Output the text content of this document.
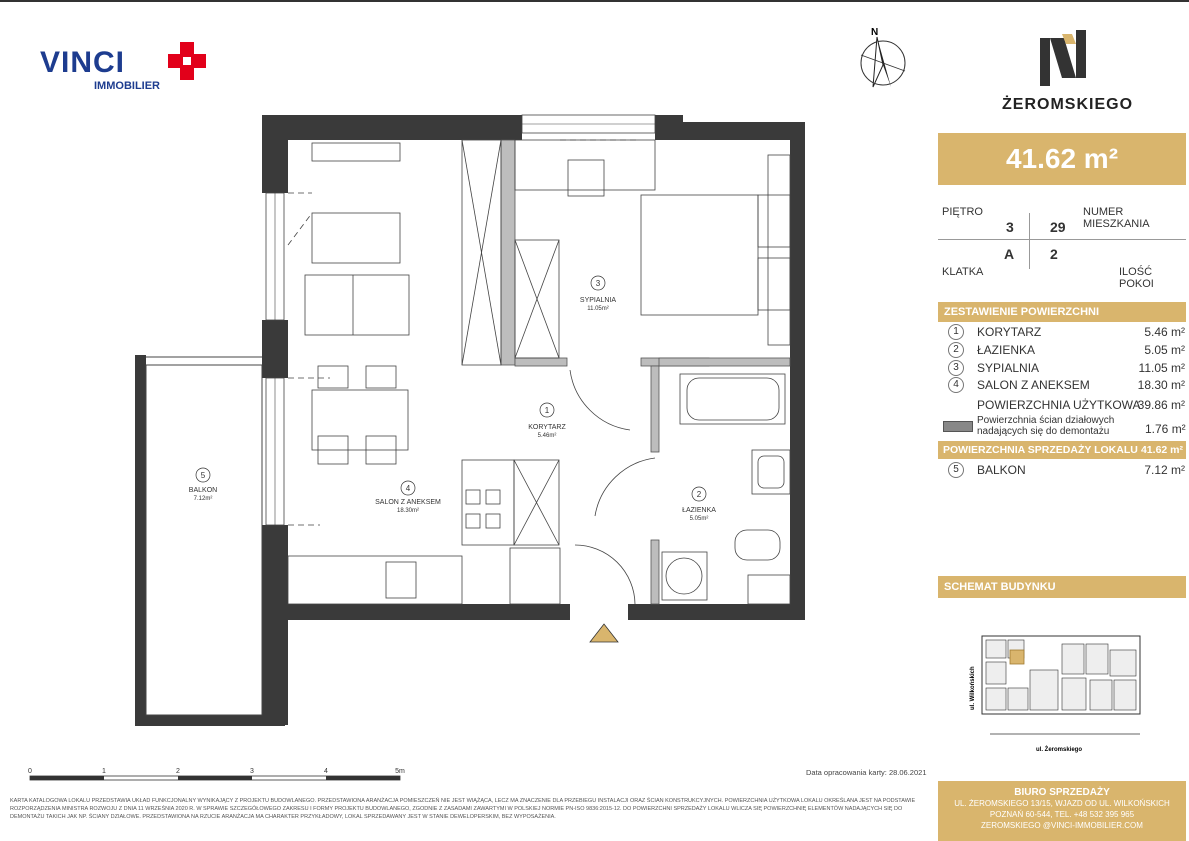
VINCI
IMMOBILIER
N
ŻEROMSKIEGO
41.62 m²
PIĘTRO	NUMER MIESZKANIA
3	29
A	2
KLATKA	ILOŚĆ POKOI
ZESTAWIENIE POWIERZCHNI
1	KORYTARZ	5.46 m²
2	ŁAZIENKA	5.05 m²
3	SYPIALNIA	11.05 m²
4	SALON Z ANEKSEM	18.30 m²
POWIERZCHNIA UŻYTKOWA
39.86 m²
Powierzchnia ścian działowych
nadających się do demontażu	1.76 m²
POWIERZCHNIA SPRZEDAŻY LOKALU 41.62 m²
5	BALKON	7.12 m²
SCHEMAT BUDYNKU
ul. Wilkońskich
ul. Żeromskiego
1
KORYTARZ
5.46m²
2
ŁAZIENKA
5.05m²
3
SYPIALNIA
11.05m²
4
SALON Z ANEKSEM
18.30m²
5
BALKON
7.12m²
0	1	2	3	4	5m	Data opracowania karty: 28.06.2021
KARTA KATALOGOWA LOKALU PRZEDSTAWIA UKŁAD FUNKCJONALNY WYNIKAJĄCY Z PROJEKTU BUDOWLANEGO. PRZEDSTAWIONA ARANŻACJA POMIESZCZEŃ NIE JEST WIĄŻĄCA, LECZ MA ZNACZENIE DLA PRZEBIEGU INSTALACJI ORAZ ŚCIAN KONSTRUKCYJNYCH. POWIERZCHNIA UŻYTKOWA LOKALU OKREŚLANA JEST NA PODSTAWIE
ROZPORZĄDZENIA MINISTRA ROZWOJU Z DNIA 11 WRZEŚNIA 2020 R. W SPRAWIE SZCZEGÓŁOWEGO ZAKRESU I FORMY PROJEKTU BUDOWLANEGO, ZGODNIE Z ZASADAMI ZAWARTYMI W POLSKIEJ NORMIE PN-ISO 9836:2015-12. DO POWIERZCHNI SPRZEDAŻY LOKALU WLICZA SIĘ POWIERZCHNIĘ ELEMENTÓW NADAJĄCYCH SIĘ DO
DEMONTAŻU TAKICH JAK NP. ŚCIANY DZIAŁOWE. PRZEDSTAWIONA NA RZUCIE ARANŻACJA MA CHARAKTER PRZYKŁADOWY, LOKAL SPRZEDAWANY JEST W STANIE DEWELOPERSKIM, BEZ WYPOSAŻENIA.
BIURO SPRZEDAŻY
UL. ŻEROMSKIEGO 13/15, WJAZD OD UL. WILKOŃSKICH
POZNAŃ 60-544, TEL. +48 532 395 965
ZEROMSKIEGO @VINCI-IMMOBILIER.COM
